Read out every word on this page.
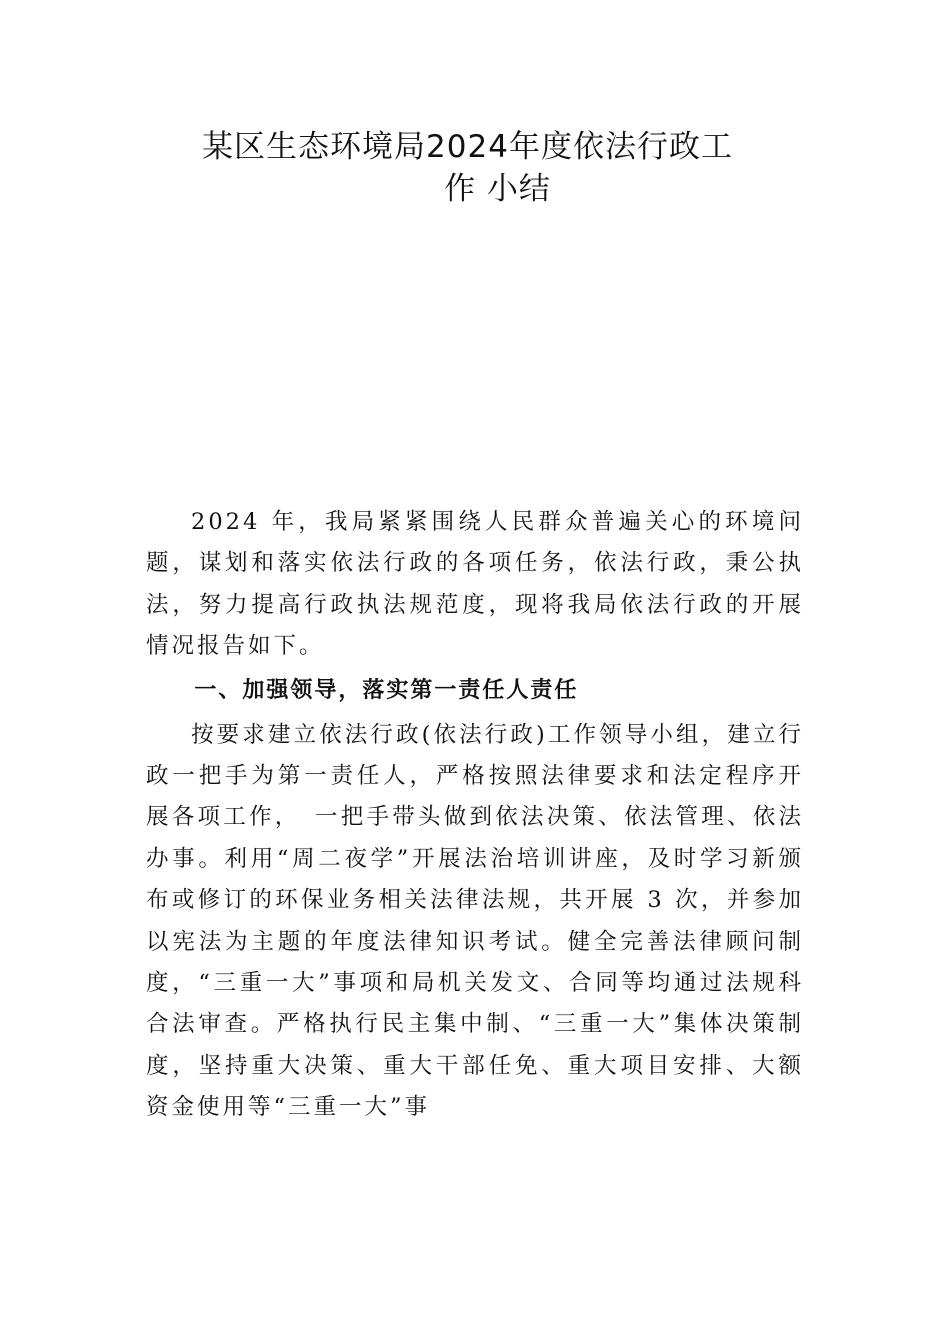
某区生态环境局2024年度依法行政工
作 小结

2024 年，我局紧紧围绕人民群众普遍关心的环境问题，谋划和落实依法行政的各项任务，依法行政，秉公执法，努力提高行政执法规范度，现将我局依法行政的开展情况报告如下。

一、加强领导，落实第一责任人责任

按要求建立依法行政(依法行政)工作领导小组，建立行政一把手为第一责任人，严格按照法律要求和法定程序开展各项工作，　一把手带头做到依法决策、依法管理、依法办事。利用“周二夜学”开展法治培训讲座，及时学习新颁布或修订的环保业务相关法律法规，共开展 3 次，并参加以宪法为主题的年度法律知识考试。健全完善法律顾问制度，“三重一大”事项和局机关发文、合同等均通过法规科合法审查。严格执行民主集中制、“三重一大”集体决策制度，坚持重大决策、重大干部任免、重大项目安排、大额资金使用等“三重一大”事
